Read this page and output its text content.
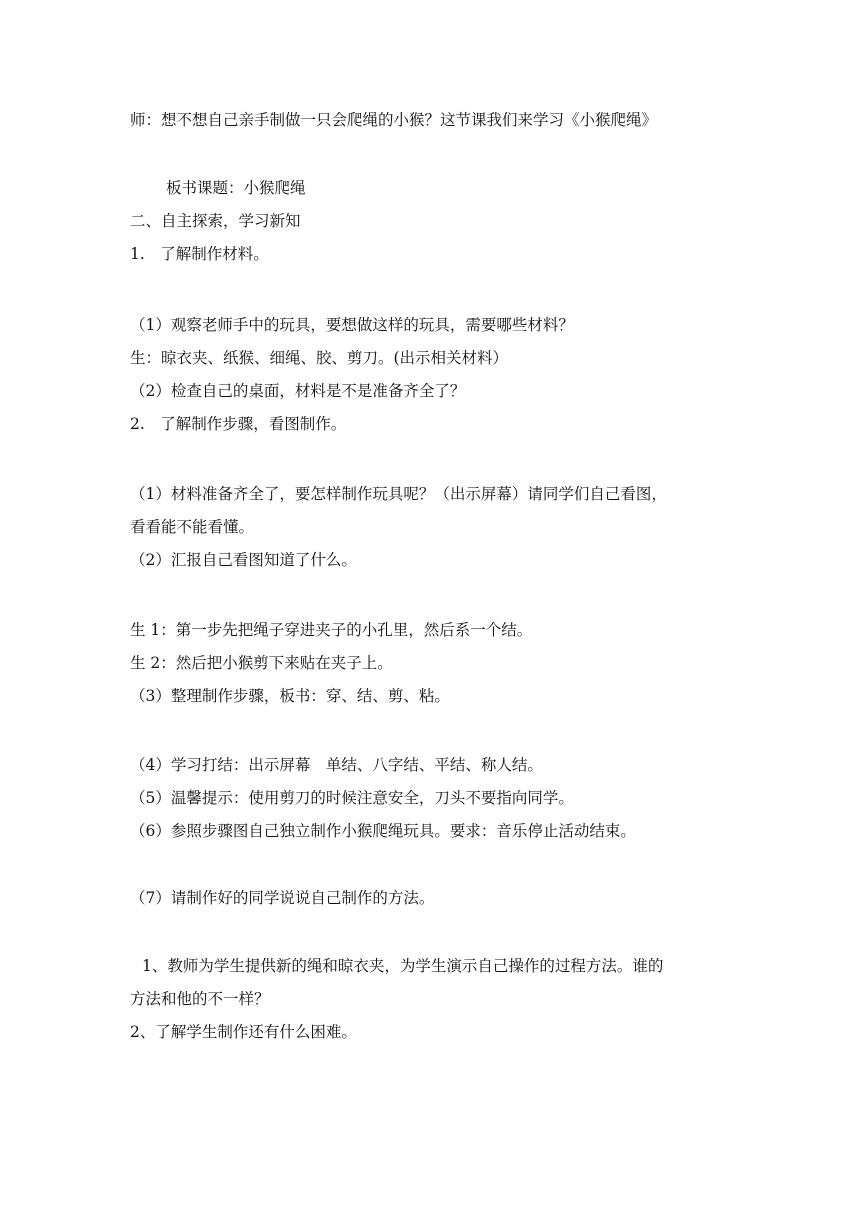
师：想不想自己亲手制做一只会爬绳的小猴？这节课我们来学习《小猴爬绳》
板书课题：小猴爬绳
二、自主探索，学习新知
1.　了解制作材料。
（1）观察老师手中的玩具，要想做这样的玩具，需要哪些材料？
生：晾衣夹、纸猴、细绳、胶、剪刀。(出示相关材料）
（2）检查自己的桌面，材料是不是准备齐全了？
2.　了解制作步骤，看图制作。
（1）材料准备齐全了，要怎样制作玩具呢？（出示屏幕）请同学们自己看图，
看看能不能看懂。
（2）汇报自己看图知道了什么。
生 1：第一步先把绳子穿进夹子的小孔里，然后系一个结。
生 2：然后把小猴剪下来贴在夹子上。
（3）整理制作步骤，板书：穿、结、剪、粘。
（4）学习打结：出示屏幕　单结、八字结、平结、称人结。
（5）温馨提示：使用剪刀的时候注意安全，刀头不要指向同学。
（6）参照步骤图自己独立制作小猴爬绳玩具。要求：音乐停止活动结束。
（7）请制作好的同学说说自己制作的方法。
1、教师为学生提供新的绳和晾衣夹，为学生演示自己操作的过程方法。谁的
方法和他的不一样？
2、了解学生制作还有什么困难。
